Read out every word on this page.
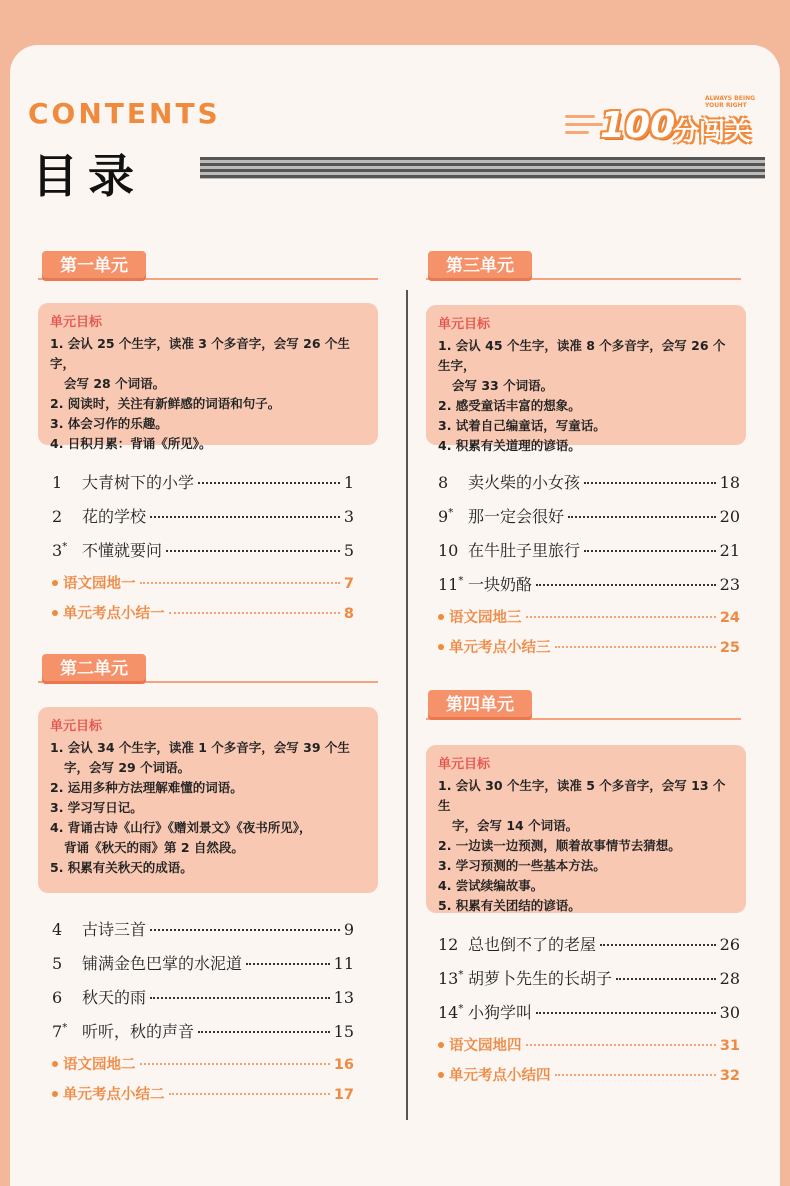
CONTENTS
目录
ALWAYS BEING YOUR RIGHT
100
分闯关
第一单元
单元目标
1. 会认 25 个生字，读准 3 个多音字，会写 26 个生字，
会写 28 个词语。
2. 阅读时，关注有新鲜感的词语和句子。
3. 体会习作的乐趣。
4. 日积月累：背诵《所见》。
1	大青树下的小学	1
2	花的学校	3
3* 不懂就要问	5
语文园地一	7
单元考点小结一	8
第二单元
单元目标
1. 会认 34 个生字，读准 1 个多音字，会写 39 个生
字，会写 29 个词语。
2. 运用多种方法理解难懂的词语。
3. 学习写日记。
4. 背诵古诗《山行》《赠刘景文》《夜书所见》，
背诵《秋天的雨》第 2 自然段。
5. 积累有关秋天的成语。
4	古诗三首	9
5	铺满金色巴掌的水泥道	11
6	秋天的雨	13
7* 听听，秋的声音	15
语文园地二	16
单元考点小结二	17
第三单元
单元目标
1. 会认 45 个生字，读准 8 个多音字，会写 26 个生字，
会写 33 个词语。
2. 感受童话丰富的想象。
3. 试着自己编童话，写童话。
4. 积累有关道理的谚语。
8	卖火柴的小女孩	18
9* 那一定会很好	20
10 在牛肚子里旅行	21
11* 一块奶酪	23
语文园地三	24
单元考点小结三	25
第四单元
单元目标
1. 会认 30 个生字，读准 5 个多音字，会写 13 个生
字，会写 14 个词语。
2. 一边读一边预测，顺着故事情节去猜想。
3. 学习预测的一些基本方法。
4. 尝试续编故事。
5. 积累有关团结的谚语。
12 总也倒不了的老屋	26
13* 胡萝卜先生的长胡子	28
14* 小狗学叫	30
语文园地四	31
单元考点小结四	32
